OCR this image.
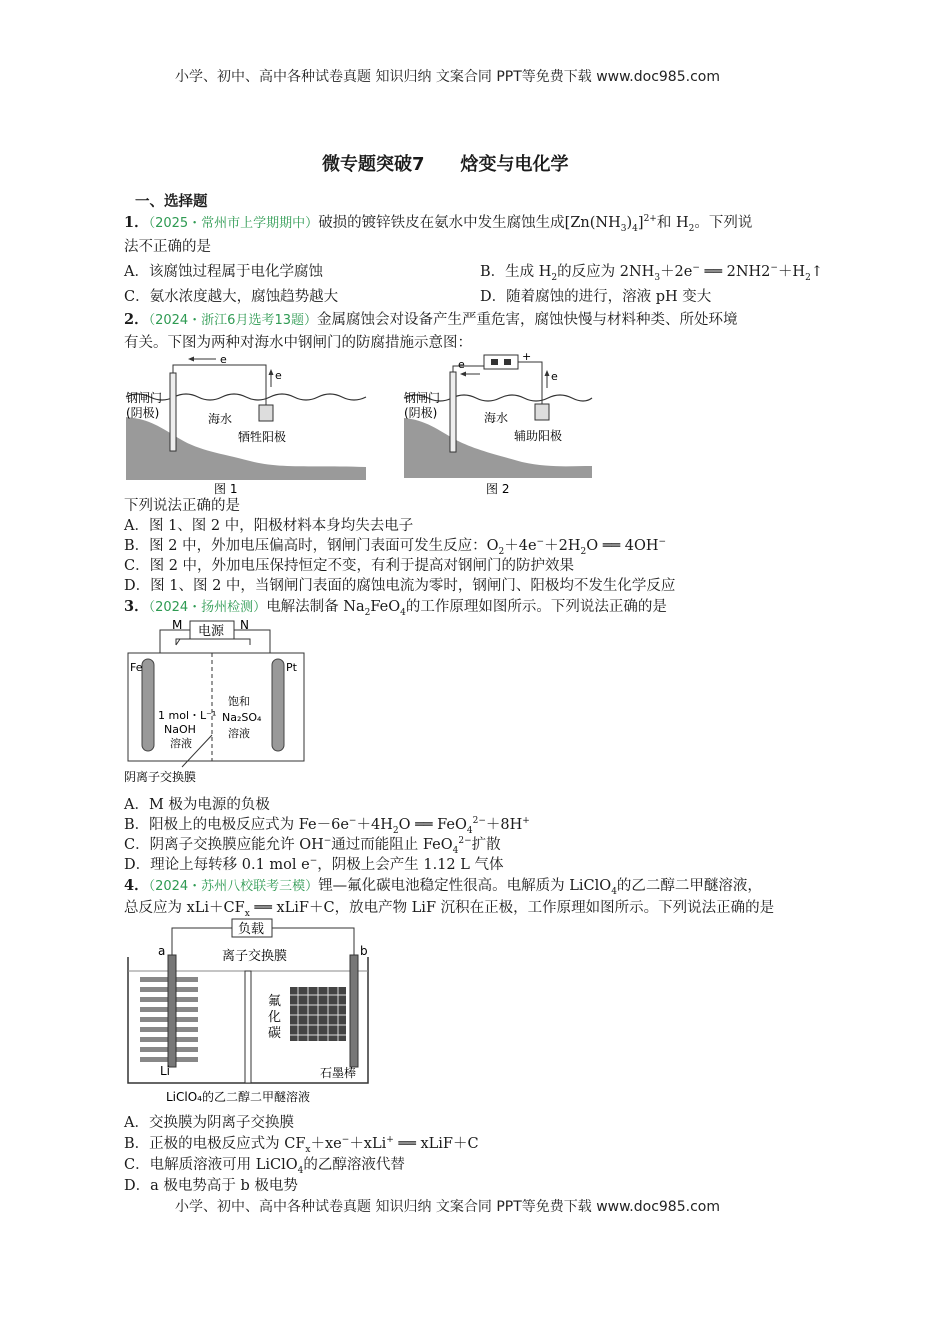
小学、初中、高中各种试卷真题 知识归纳 文案合同 PPT等免费下载 www.doc985.com
微专题突破7　　焓变与电化学
一、选择题
1．（2025・常州市上学期期中）破损的镀锌铁皮在氨水中发生腐蚀生成$[Zn(NH_3)_4]^{2+}$和 $H_2$。下列说
法不正确的是
A．该腐蚀过程属于电化学腐蚀	B．生成 $H_2$的反应为 $2NH_3+2e^-$ ══ $2NH2^-+H_2↑$
C．氨水浓度越大，腐蚀趋势越大	D．随着腐蚀的进行，溶液 pH 变大
2．（2024・浙江6月选考13题）金属腐蚀会对设备产生严重危害，腐蚀快慢与材料种类、所处环境
有关。下图为两种对海水中钢闸门的防腐措施示意图：
e
e
钢闸门
(阴极)	海水
牺牲阳极
图 1
e
e
+
钢闸门
(阴极)	海水
辅助阳极
图 2
下列说法正确的是
A．图 1、图 2 中，阳极材料本身均失去电子
B．图 2 中，外加电压偏高时，钢闸门表面可发生反应：$O_2+4e^-+2H_2O$ ══ 4OH−
C．图 2 中，外加电压保持恒定不变，有利于提高对钢闸门的防护效果
D．图 1、图 2 中，当钢闸门表面的腐蚀电流为零时，钢闸门、阳极均不发生化学反应
3．（2024・扬州检测）电解法制备 $Na_2FeO_4$的工作原理如图所示。下列说法正确的是
电源
M	N
Fe	Pt
1 mol・L⁻¹
NaOH
溶液
饱和
Na₂SO₄
溶液
阴离子交换膜
A．M 极为电源的负极
B．阳极上的电极反应式为 $Fe-6e^-+4H_2O$ ══ FeO$_4^{2-}$＋8H+
C．阴离子交换膜应能允许 OH−通过而能阻止 FeO$_4^{2-}$扩散
D．理论上每转移 0.1 mol e−，阴极上会产生 1.12 L 气体
4．（2024・苏州八校联考三模）锂—氟化碳电池稳定性很高。电解质为 LiClO$_4$的乙二醇二甲醚溶液，
总反应为 $xLi+CF_x$ ══ xLiF＋C，放电产物 LiF 沉积在正极，工作原理如图所示。下列说法正确的是
负载
a	b
离子交换膜
氟
化
碳
Li	石墨棒
LiClO₄的乙二醇二甲醚溶液
A．交换膜为阴离子交换膜
B．正极的电极反应式为 $CF_x+xe^-+xLi^+$ ══ xLiF＋C
C．电解质溶液可用 LiClO$_4$的乙醇溶液代替
D．a 极电势高于 b 极电势
小学、初中、高中各种试卷真题 知识归纳 文案合同 PPT等免费下载 www.doc985.com
